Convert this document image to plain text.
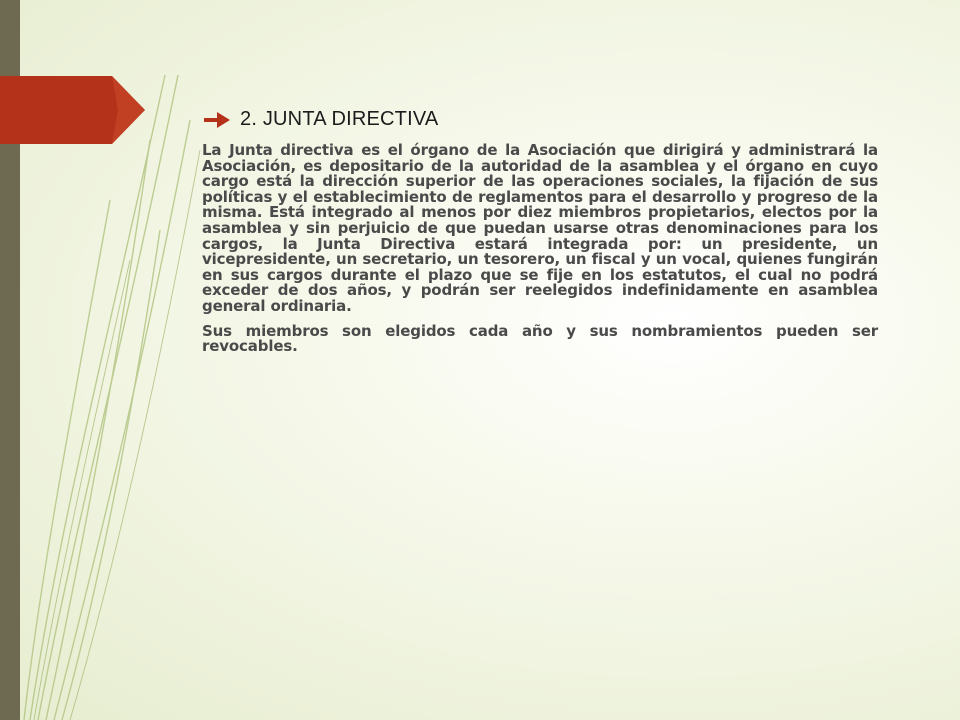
2. JUNTA DIRECTIVA

La Junta directiva es el órgano de la Asociación que dirigirá y administrará la Asociación, es depositario de la autoridad de la asamblea y el órgano en cuyo cargo está la dirección superior de las operaciones sociales, la fijación de sus políticas y el establecimiento de reglamentos para el desarrollo y progreso de la misma. Está integrado al menos por diez miembros propietarios, electos por la asamblea y sin perjuicio de que puedan usarse otras denominaciones para los cargos, la Junta Directiva estará integrada por: un presidente, un vicepresidente, un secretario, un tesorero, un fiscal y un vocal, quienes fungirán en sus cargos durante el plazo que se fije en los estatutos, el cual no podrá exceder de dos años, y podrán ser reelegidos indefinidamente en asamblea general ordinaria.

Sus miembros son elegidos cada año y sus nombramientos pueden ser revocables.
